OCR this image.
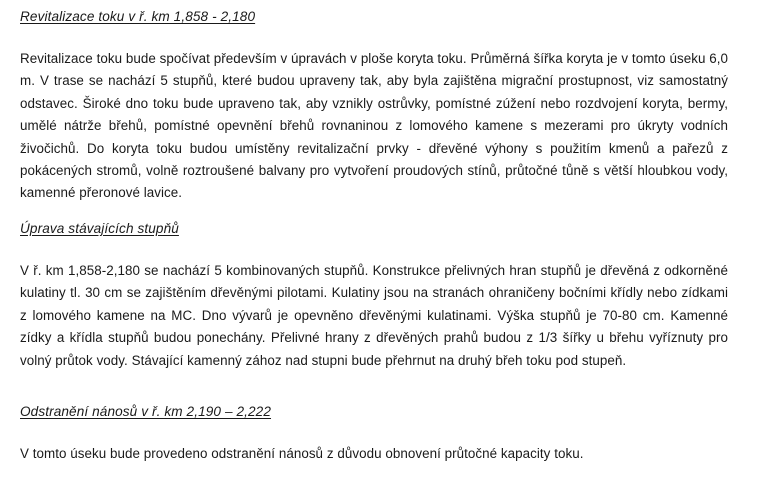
Revitalizace toku v ř. km 1,858 - 2,180

Revitalizace toku bude spočívat především v úpravách v ploše koryta toku. Průměrná šířka koryta je v tomto úseku 6,0 m. V trase se nachází 5 stupňů, které budou upraveny tak, aby byla zajištěna migrační prostupnost, viz samostatný odstavec. Široké dno toku bude upraveno tak, aby vznikly ostrůvky, pomístné zúžení nebo rozdvojení koryta, bermy, umělé nátrže břehů, pomístné opevnění břehů rovnaninou z lomového kamene s mezerami pro úkryty vodních živočichů. Do koryta toku budou umístěny revitalizační prvky - dřevěné výhony s použitím kmenů a pařezů z pokácených stromů, volně roztroušené balvany pro vytvoření proudových stínů, průtočné tůně s větší hloubkou vody, kamenné přeronové lavice.

Úprava stávajících stupňů

V ř. km 1,858-2,180 se nachází 5 kombinovaných stupňů. Konstrukce přelivných hran stupňů je dřevěná z odkorněné kulatiny tl. 30 cm se zajištěním dřevěnými pilotami. Kulatiny jsou na stranách ohraničeny bočními křídly nebo zídkami z lomového kamene na MC. Dno vývarů je opevněno dřevěnými kulatinami. Výška stupňů je 70-80 cm. Kamenné zídky a křídla stupňů budou ponechány. Přelivné hrany z dřevěných prahů budou z 1/3 šířky u břehu vyříznuty pro volný průtok vody. Stávající kamenný zához nad stupni bude přehrnut na druhý břeh toku pod stupeň.

Odstranění nánosů v ř. km 2,190 – 2,222

V tomto úseku bude provedeno odstranění nánosů z důvodu obnovení průtočné kapacity toku.
